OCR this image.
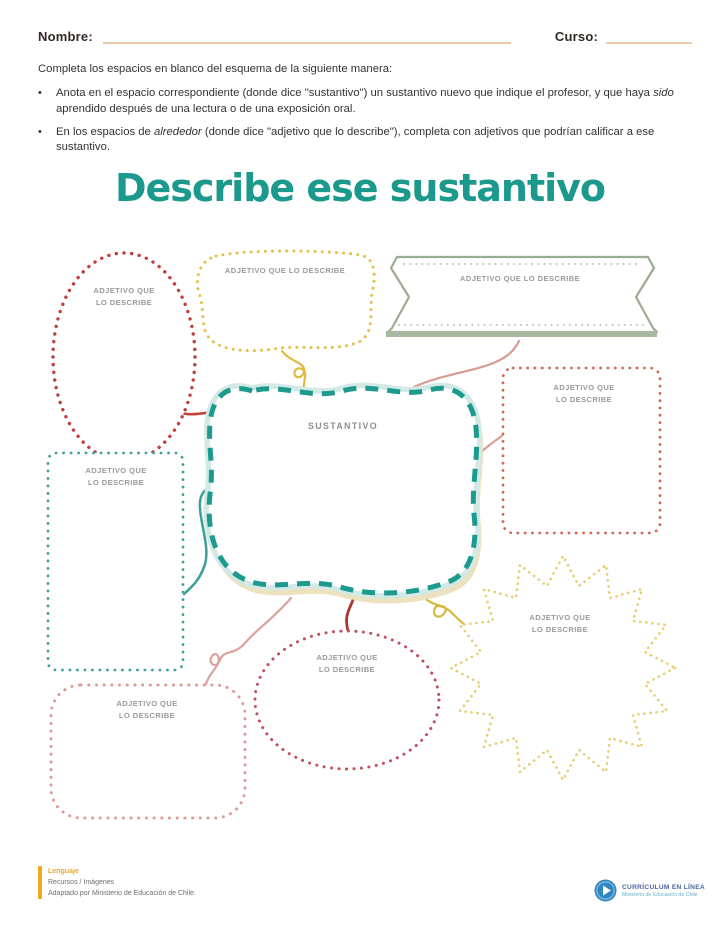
Nombre:	Curso:

Completa los espacios en blanco del esquema de la siguiente manera:

•	Anota en el espacio correspondiente (donde dice "sustantivo") un sustantivo nuevo que indique el profesor, y que haya sido aprendido después de una lectura o de una exposición oral.
•	En los espacios de alrededor (donde dice "adjetivo que lo describe"), completa con adjetivos que podrían calificar a ese sustantivo.
Describe ese sustantivo
ADJETIVO QUE
LO DESCRIBE
ADJETIVO QUE LO DESCRIBE
ADJETIVO QUE LO DESCRIBE
ADJETIVO QUE
LO DESCRIBE
ADJETIVO QUE
LO DESCRIBE
SUSTANTIVO
ADJETIVO QUE
LO DESCRIBE
ADJETIVO QUE
LO DESCRIBE
ADJETIVO QUE
LO DESCRIBE
Lenguaje
Recursos / Imágenes
Adaptado por Ministerio de Educación de Chile.
CURRÍCULUM EN LÍNEA
Ministerio de Educación de Chile
